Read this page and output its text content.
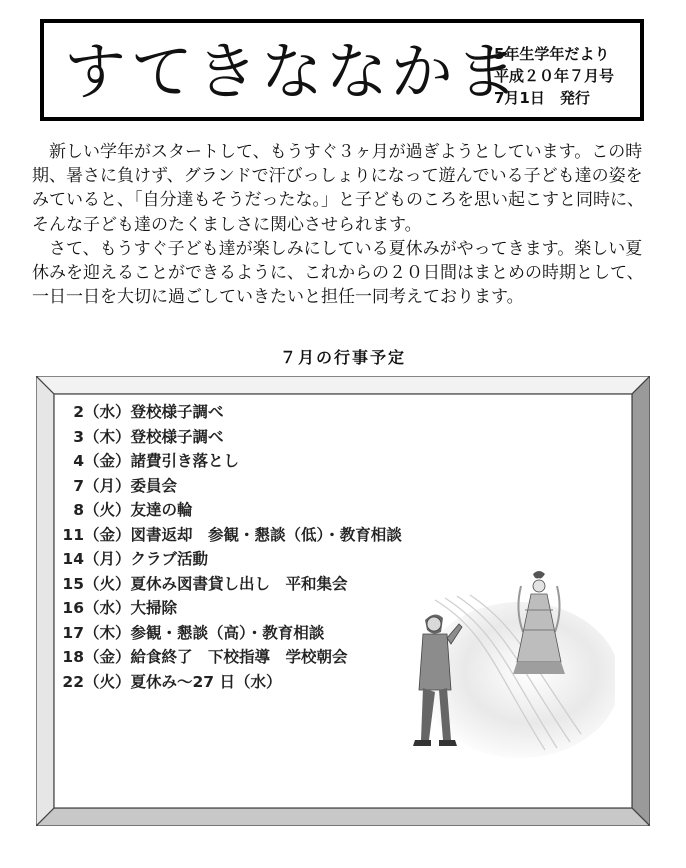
すてきななかま
5年生学年だより
平成２０年７月号
7月1日　発行

新しい学年がスタートして、もうすぐ３ヶ月が過ぎようとしています。この時期、暑さに負けず、グランドで汗びっしょりになって遊んでいる子ども達の姿をみていると、「自分達もそうだったな。」と子どものころを思い起こすと同時に、そんな子ども達のたくましさに関心させられます。

さて、もうすぐ子ども達が楽しみにしている夏休みがやってきます。楽しい夏休みを迎えることができるように、これからの２０日間はまとめの時期として、一日一日を大切に過ごしていきたいと担任一同考えております。

７月の行事予定
2（水）登校様子調べ
3（木）登校様子調べ
4（金）諸費引き落とし
7（月）委員会
8（火）友達の輪
11（金）図書返却　参観・懇談（低）・教育相談
14（月）クラブ活動
15（火）夏休み図書貸し出し　平和集会
16（水）大掃除
17（木）参観・懇談（高）・教育相談
18（金）給食終了　下校指導　学校朝会
22（火）夏休み～27 日（水）
